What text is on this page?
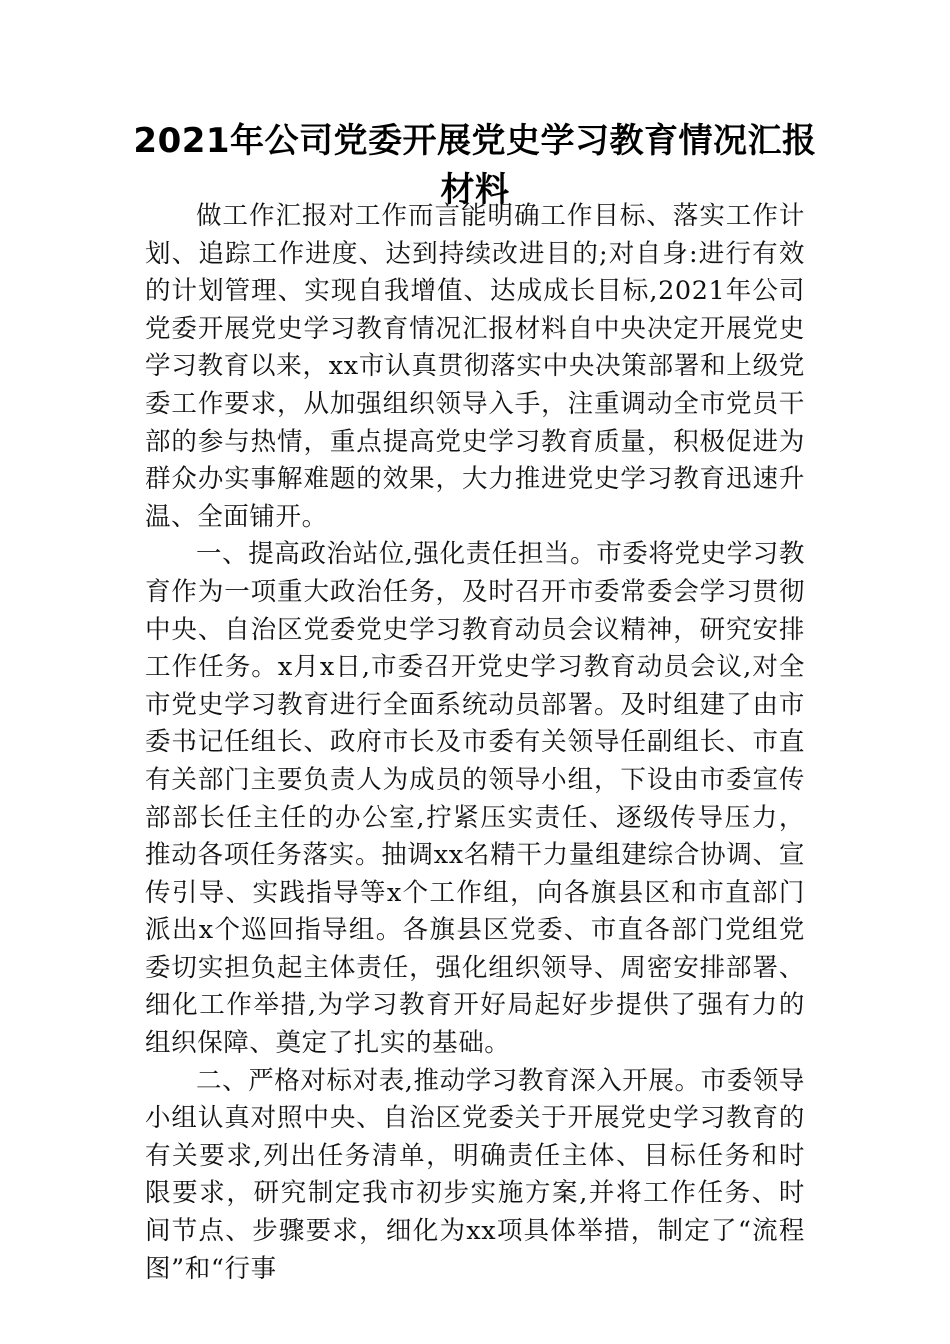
2021年公司党委开展党史学习教育情况汇报
材料

做工作汇报对工作而言能明确工作目标、落实工作计划、追踪工作进度、达到持续改进目的;对自身:进行有效的计划管理、实现自我增值、达成成长目标,2021年公司党委开展党史学习教育情况汇报材料自中央决定开展党史学习教育以来，xx市认真贯彻落实中央决策部署和上级党委工作要求，从加强组织领导入手，注重调动全市党员干部的参与热情，重点提高党史学习教育质量，积极促进为群众办实事解难题的效果，大力推进党史学习教育迅速升温、全面铺开。

一、提高政治站位,强化责任担当。市委将党史学习教育作为一项重大政治任务，及时召开市委常委会学习贯彻中央、自治区党委党史学习教育动员会议精神，研究安排工作任务。x月x日,市委召开党史学习教育动员会议,对全市党史学习教育进行全面系统动员部署。及时组建了由市委书记任组长、政府市长及市委有关领导任副组长、市直有关部门主要负责人为成员的领导小组，下设由市委宣传部部长任主任的办公室,拧紧压实责任、逐级传导压力，推动各项任务落实。抽调xx名精干力量组建综合协调、宣传引导、实践指导等x个工作组，向各旗县区和市直部门派出x个巡回指导组。各旗县区党委、市直各部门党组党委切实担负起主体责任，强化组织领导、周密安排部署、细化工作举措,为学习教育开好局起好步提供了强有力的组织保障、奠定了扎实的基础。

二、严格对标对表,推动学习教育深入开展。市委领导小组认真对照中央、自治区党委关于开展党史学习教育的有关要求,列出任务清单，明确责任主体、目标任务和时限要求，研究制定我市初步实施方案,并将工作任务、时间节点、步骤要求，细化为xx项具体举措，制定了“流程图”和“行事
